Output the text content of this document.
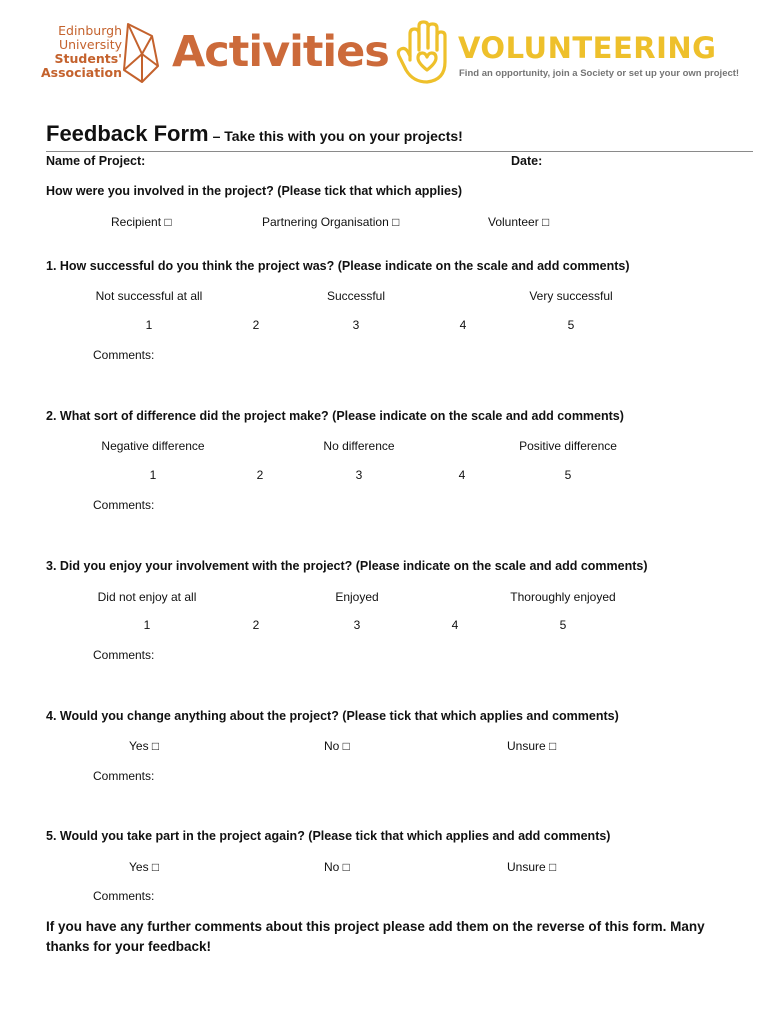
Edinburgh
University
Students'
Association Activities VOLUNTEERING
Find an opportunity, join a Society or set up your own project!
Feedback Form – Take this with you on your projects!
Name of Project:	Date:
How were you involved in the project? (Please tick that which applies)
Recipient □	Partnering Organisation □	Volunteer □
1. How successful do you think the project was? (Please indicate on the scale and add comments)
Not successful at all	Successful	Very successful
1	2	3	4	5
Comments:
2. What sort of difference did the project make? (Please indicate on the scale and add comments)
Negative difference	No difference	Positive difference
1	2	3	4	5
Comments:
3. Did you enjoy your involvement with the project? (Please indicate on the scale and add comments)
Did not enjoy at all	Enjoyed	Thoroughly enjoyed
1	2	3	4	5
Comments:
4. Would you change anything about the project? (Please tick that which applies and comments)
Yes □	No □	Unsure □
Comments:
5. Would you take part in the project again? (Please tick that which applies and add comments)
Yes □	No □	Unsure □
Comments:
If you have any further comments about this project please add them on the reverse of this form. Many thanks for your feedback!
